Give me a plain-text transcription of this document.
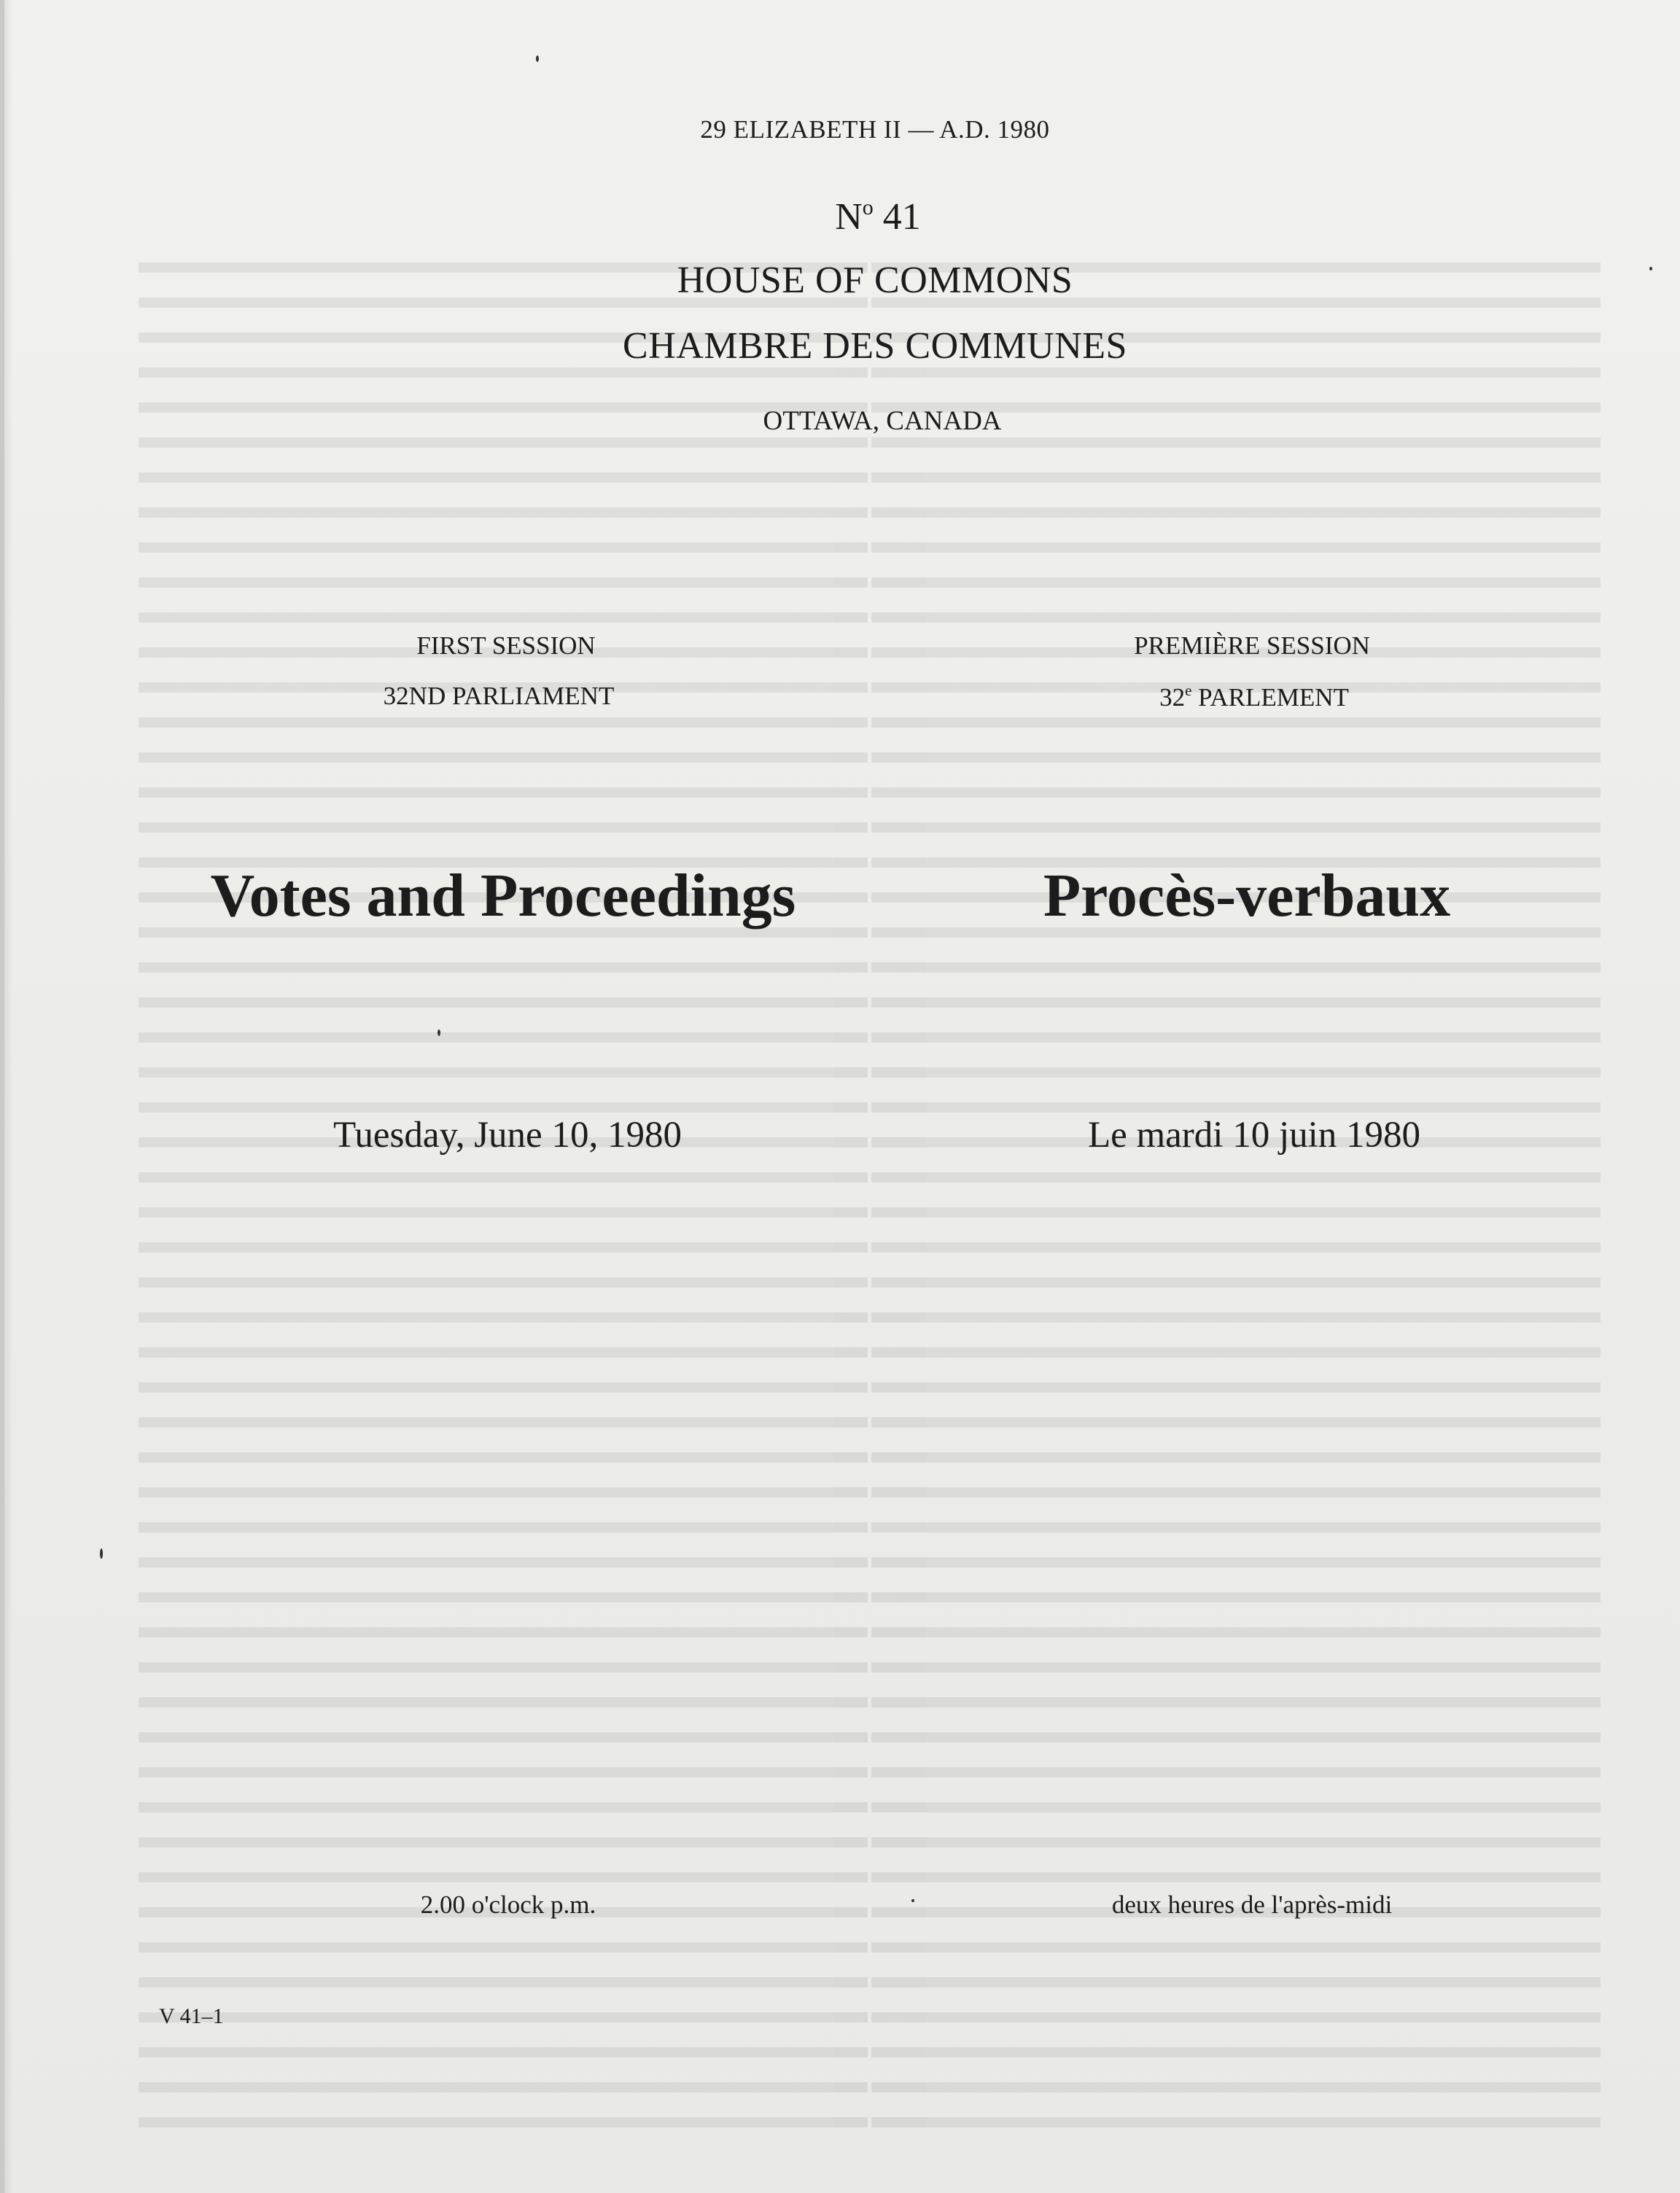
29 ELIZABETH II — A.D. 1980
$N^o$ 41
HOUSE OF COMMONS
CHAMBRE DES COMMUNES
OTTAWA, CANADA
FIRST SESSION	PREMIÈRE SESSION
32ND PARLIAMENT	32e PARLEMENT
Votes and Proceedings	Procès-verbaux
Tuesday, June 10, 1980	Le mardi 10 juin 1980
2.00 o'clock p.m.	deux heures de l'après-midi
V 41–1
